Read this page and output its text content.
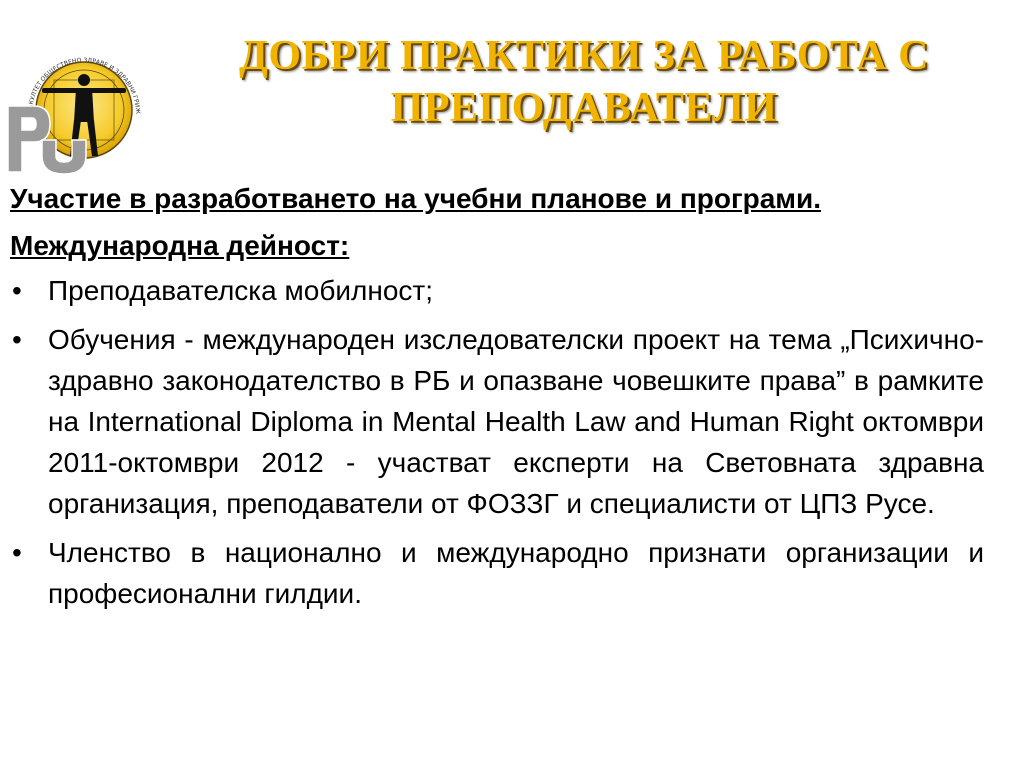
КУЛТЕТ ОБЩЕСТВЕНО ЗДРАВЕ И ЗДРАВНИ ГРИЖ
ДОБРИ ПРАКТИКИ ЗА РАБОТА С ПРЕПОДАВАТЕЛИ

Участие в разработването на учебни планове и програми.

Международна дейност:

• Преподавателска мобилност;
• Обучения - международен изследователски проект на тема „Психично-здравно законодателство в РБ и опазване човешките права” в рамките на International Diploma in Mental Health Law and Human Right октомври 2011-октомври 2012 - участват експерти на Световната здравна организация, преподаватели от ФОЗЗГ и специалисти от ЦПЗ Русе.
• Членство в национално и международно признати организации и професионални гилдии.
